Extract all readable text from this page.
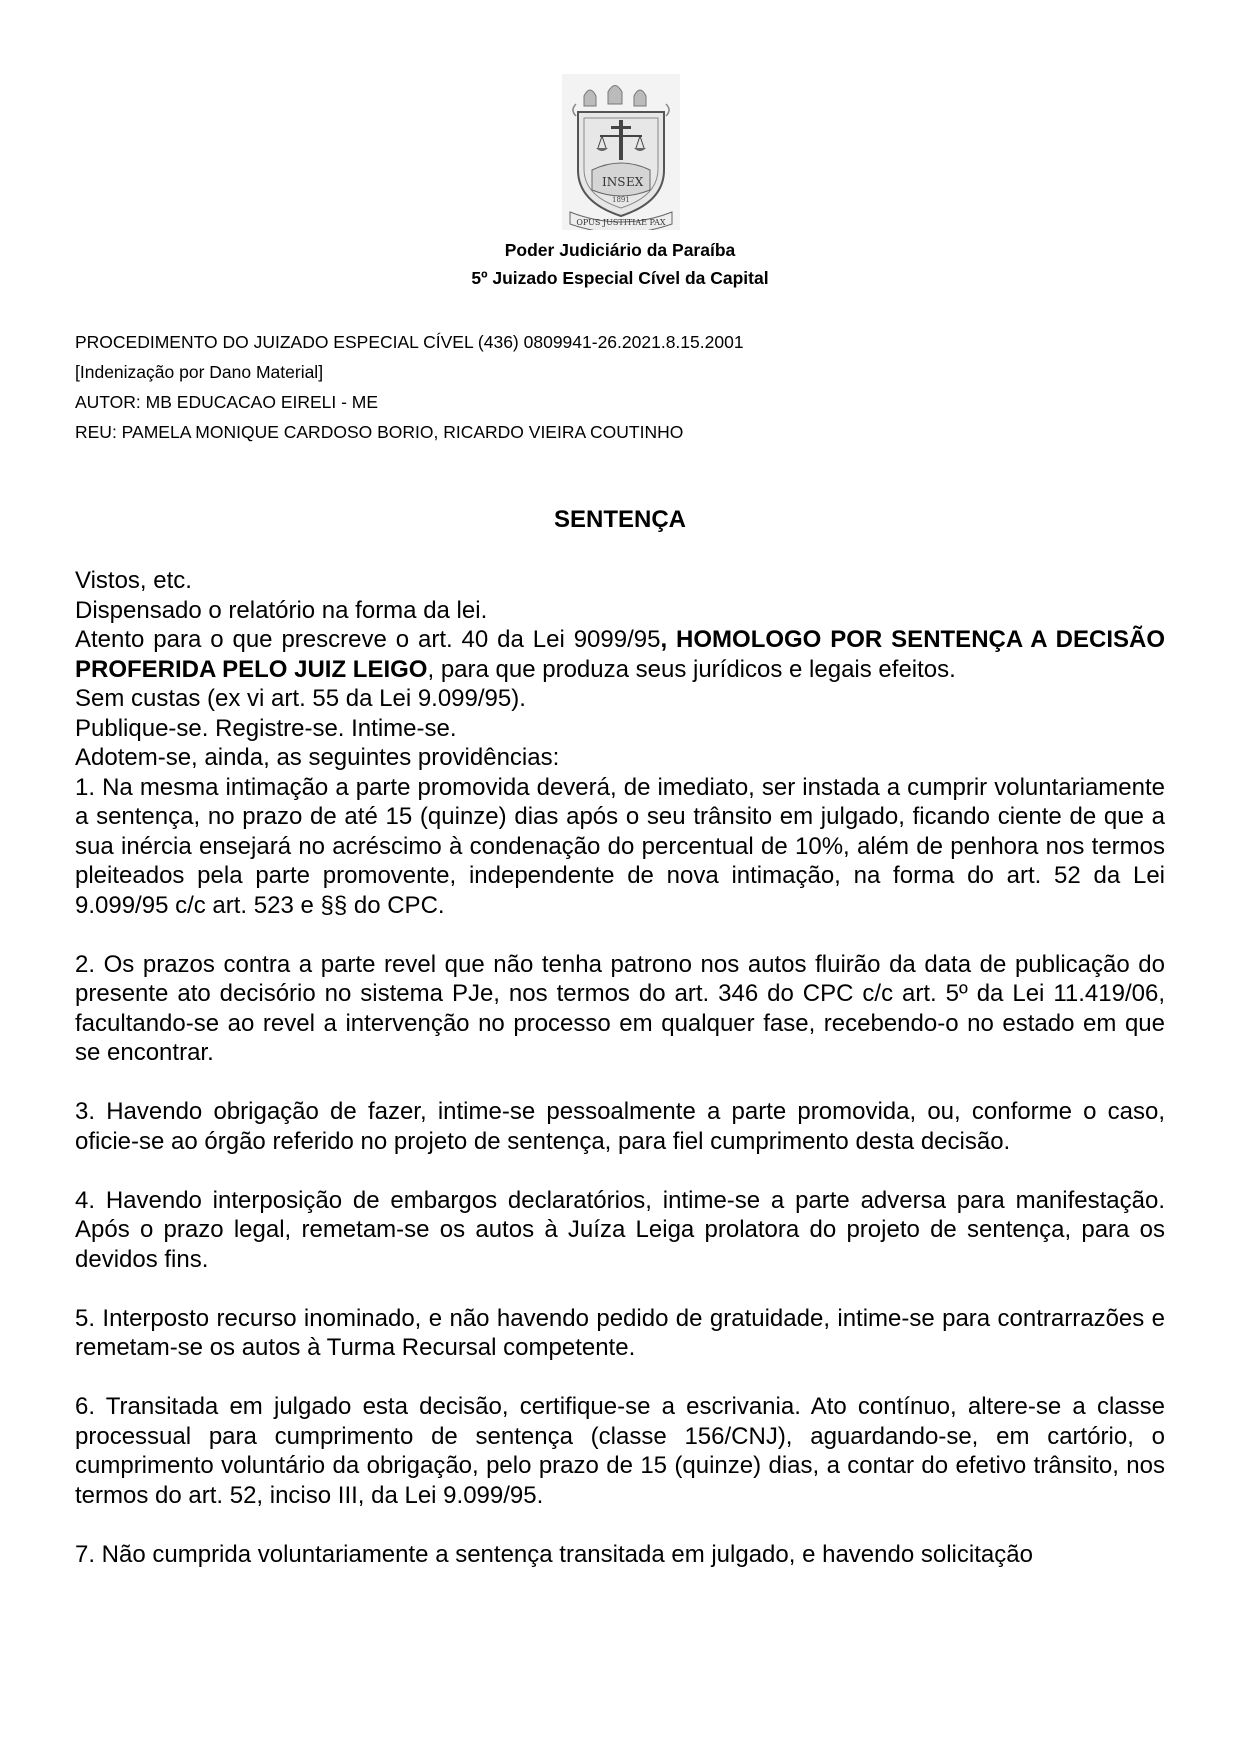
INS EX
1891
OPUS JUSTITIAE PAX
Poder Judiciário da Paraíba
5º Juizado Especial Cível da Capital
PROCEDIMENTO DO JUIZADO ESPECIAL CÍVEL (436) 0809941-26.2021.8.15.2001
[Indenização por Dano Material]
AUTOR: MB EDUCACAO EIRELI - ME
REU: PAMELA MONIQUE CARDOSO BORIO, RICARDO VIEIRA COUTINHO
SENTENÇA

Vistos, etc.

Dispensado o relatório na forma da lei.

Atento para o que prescreve o art. 40 da Lei 9099/95, HOMOLOGO POR SENTENÇA A DECISÃO PROFERIDA PELO JUIZ LEIGO, para que produza seus jurídicos e legais efeitos.

Sem custas (ex vi art. 55 da Lei 9.099/95).

Publique-se. Registre-se. Intime-se.

Adotem-se, ainda, as seguintes providências:

1. Na mesma intimação a parte promovida deverá, de imediato, ser instada a cumprir voluntariamente a sentença, no prazo de até 15 (quinze) dias após o seu trânsito em julgado, ficando ciente de que a sua inércia ensejará no acréscimo à condenação do percentual de 10%, além de penhora nos termos pleiteados pela parte promovente, independente de nova intimação, na forma do art. 52 da Lei 9.099/95 c/c art. 523 e §§ do CPC.

2. Os prazos contra a parte revel que não tenha patrono nos autos fluirão da data de publicação do presente ato decisório no sistema PJe, nos termos do art. 346 do CPC c/c art. 5º da Lei 11.419/06, facultando-se ao revel a intervenção no processo em qualquer fase, recebendo-o no estado em que se encontrar.

3. Havendo obrigação de fazer, intime-se pessoalmente a parte promovida, ou, conforme o caso, oficie-se ao órgão referido no projeto de sentença, para fiel cumprimento desta decisão.

4. Havendo interposição de embargos declaratórios, intime-se a parte adversa para manifestação. Após o prazo legal, remetam-se os autos à Juíza Leiga prolatora do projeto de sentença, para os devidos fins.

5. Interposto recurso inominado, e não havendo pedido de gratuidade, intime-se para contrarrazões e remetam-se os autos à Turma Recursal competente.

6. Transitada em julgado esta decisão, certifique-se a escrivania. Ato contínuo, altere-se a classe processual para cumprimento de sentença (classe 156/CNJ), aguardando-se, em cartório, o cumprimento voluntário da obrigação, pelo prazo de 15 (quinze) dias, a contar do efetivo trânsito, nos termos do art. 52, inciso III, da Lei 9.099/95.

7. Não cumprida voluntariamente a sentença transitada em julgado, e havendo solicitação
